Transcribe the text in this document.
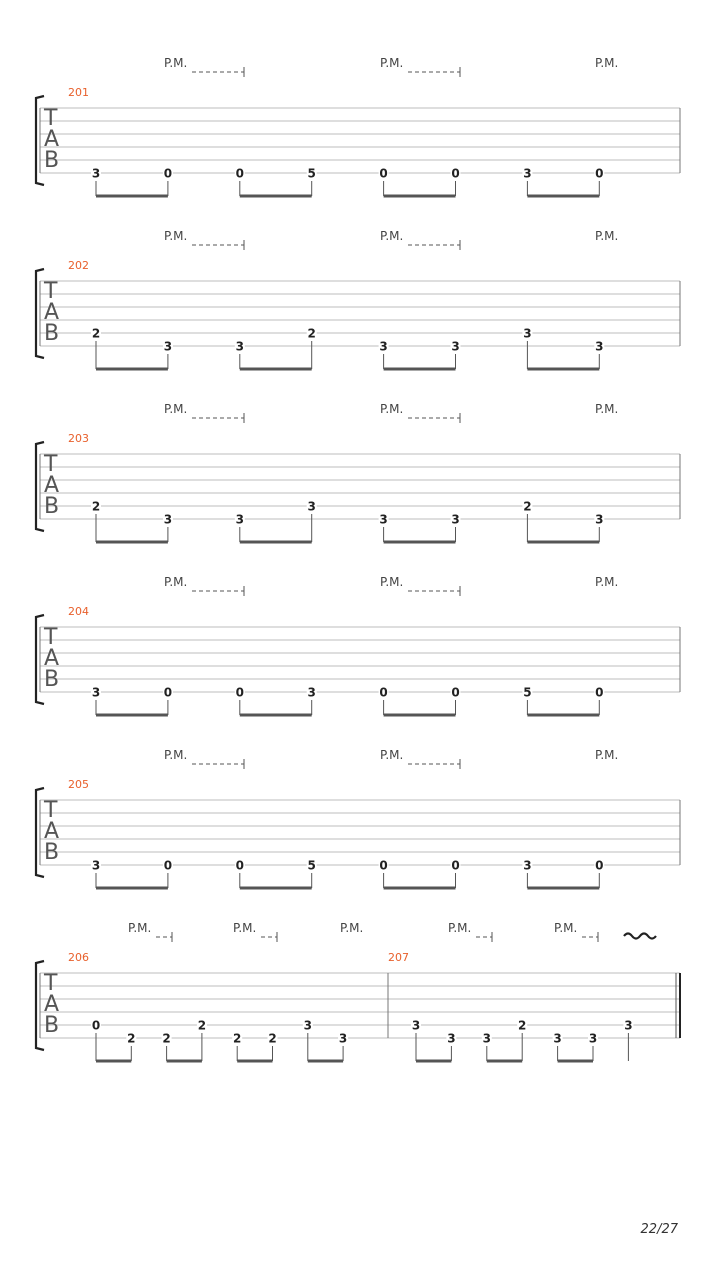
T
A
B
201
3	0	0	5	0	0	3	0
P.M.	P.M.	P.M.
T
A
B
202
2
3	3
2
3	3
3
3
P.M.	P.M.	P.M.
T
A
B
203
2
3	3
3
3	3
2
3
P.M.	P.M.	P.M.
T
A
B
204
3	0	0	3	0	0	5	0
P.M.	P.M.	P.M.
T
A
B
205
3	0	0	5	0	0	3	0
P.M.	P.M.	P.M.
T
A
B
206
0
2 2
2
2 2
3
3
207
3
3 3
2
3 3
3
P.M.	P.M.	P.M.	P.M.	P.M.
22/27
